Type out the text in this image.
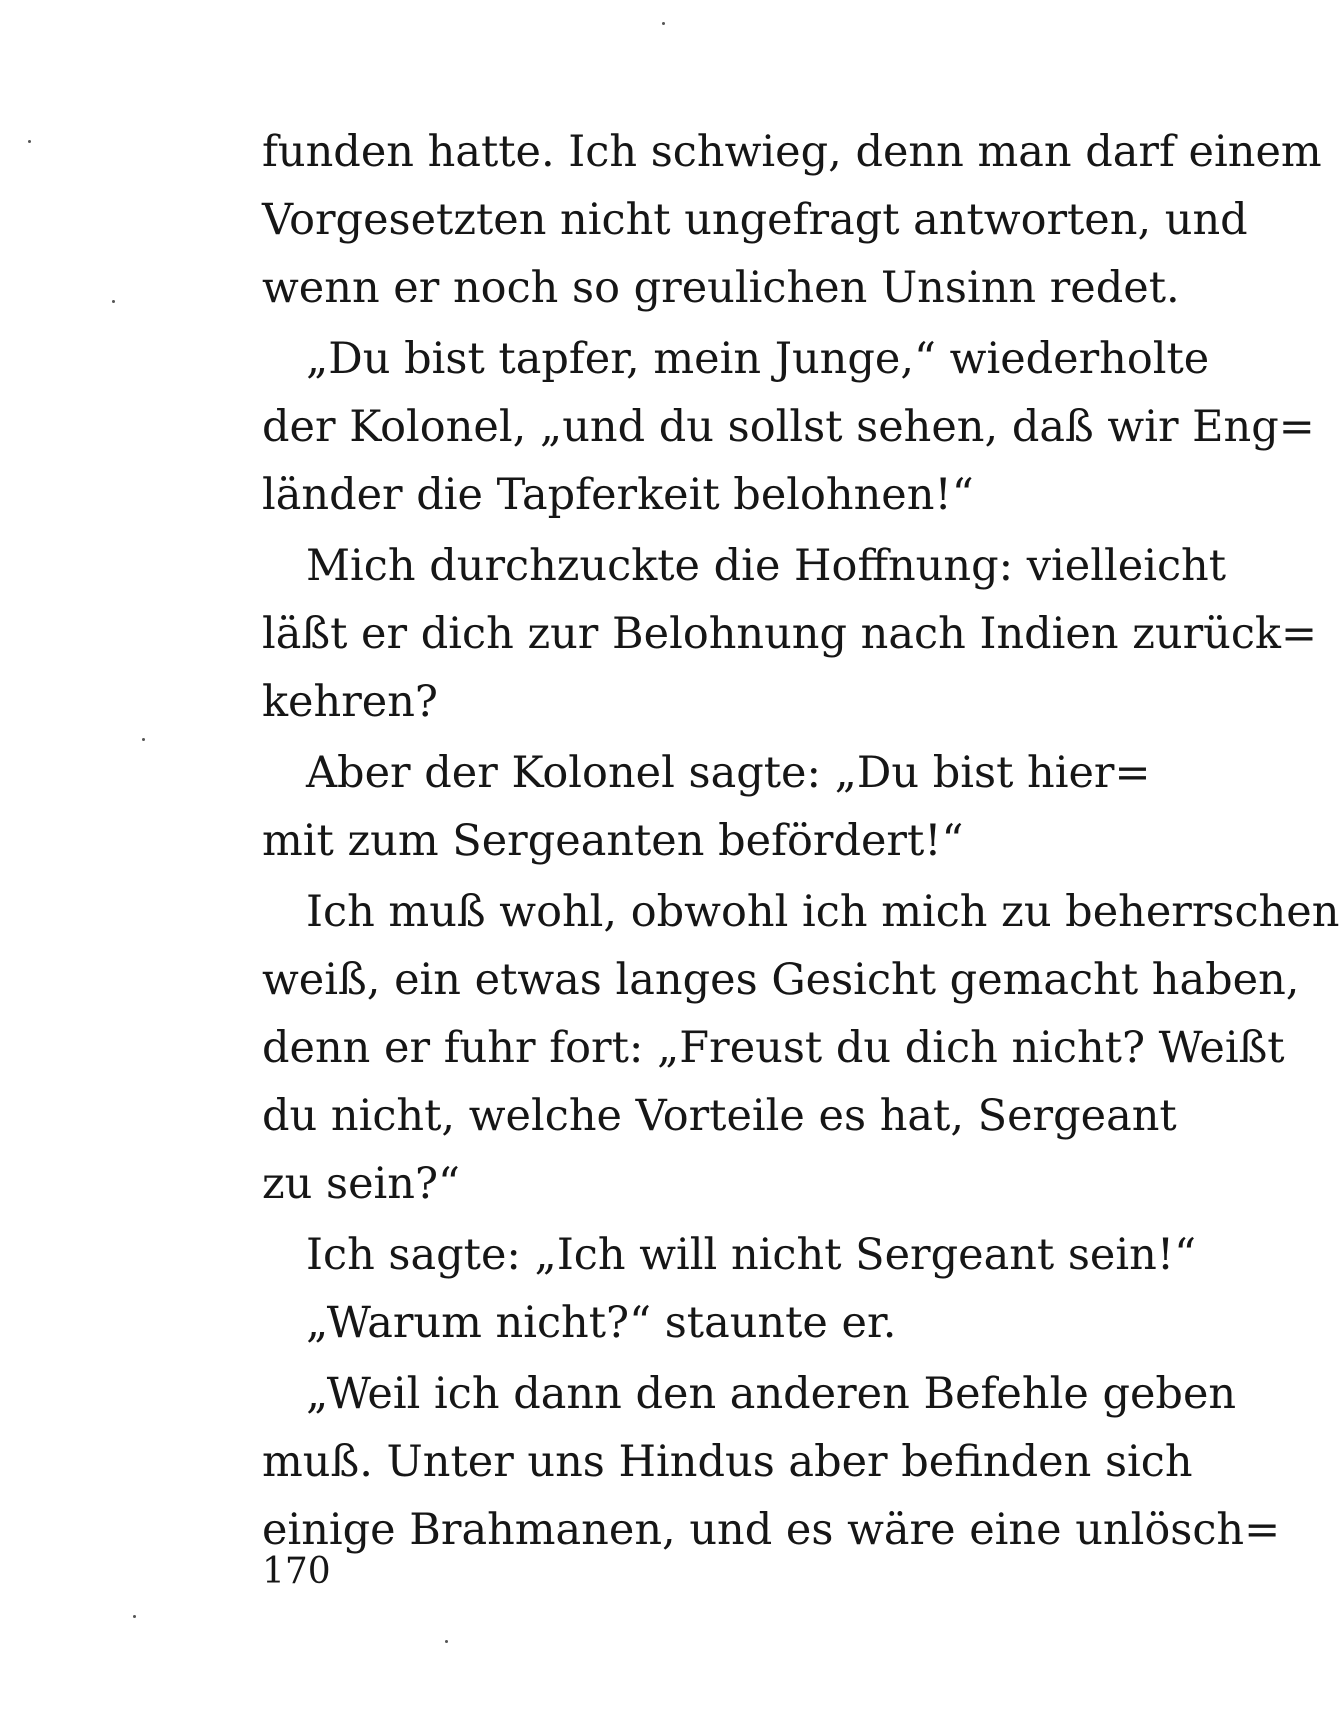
funden hatte. Ich schwieg, denn man darf einem
Vorgesetzten nicht ungefragt antworten, und
wenn er noch so greulichen Unsinn redet.
„Du bist tapfer, mein Junge,“ wiederholte
der Kolonel, „und du sollst sehen, daß wir Eng=
länder die Tapferkeit belohnen!“
Mich durchzuckte die Hoffnung: vielleicht
läßt er dich zur Belohnung nach Indien zurück=
kehren?
Aber der Kolonel sagte: „Du bist hier=
mit zum Sergeanten befördert!“
Ich muß wohl, obwohl ich mich zu beherrschen
weiß, ein etwas langes Gesicht gemacht haben,
denn er fuhr fort: „Freust du dich nicht? Weißt
du nicht, welche Vorteile es hat, Sergeant
zu sein?“
Ich sagte: „Ich will nicht Sergeant sein!“
„Warum nicht?“ staunte er.
„Weil ich dann den anderen Befehle geben
muß. Unter uns Hindus aber befinden sich
einige Brahmanen, und es wäre eine unlösch=
170
